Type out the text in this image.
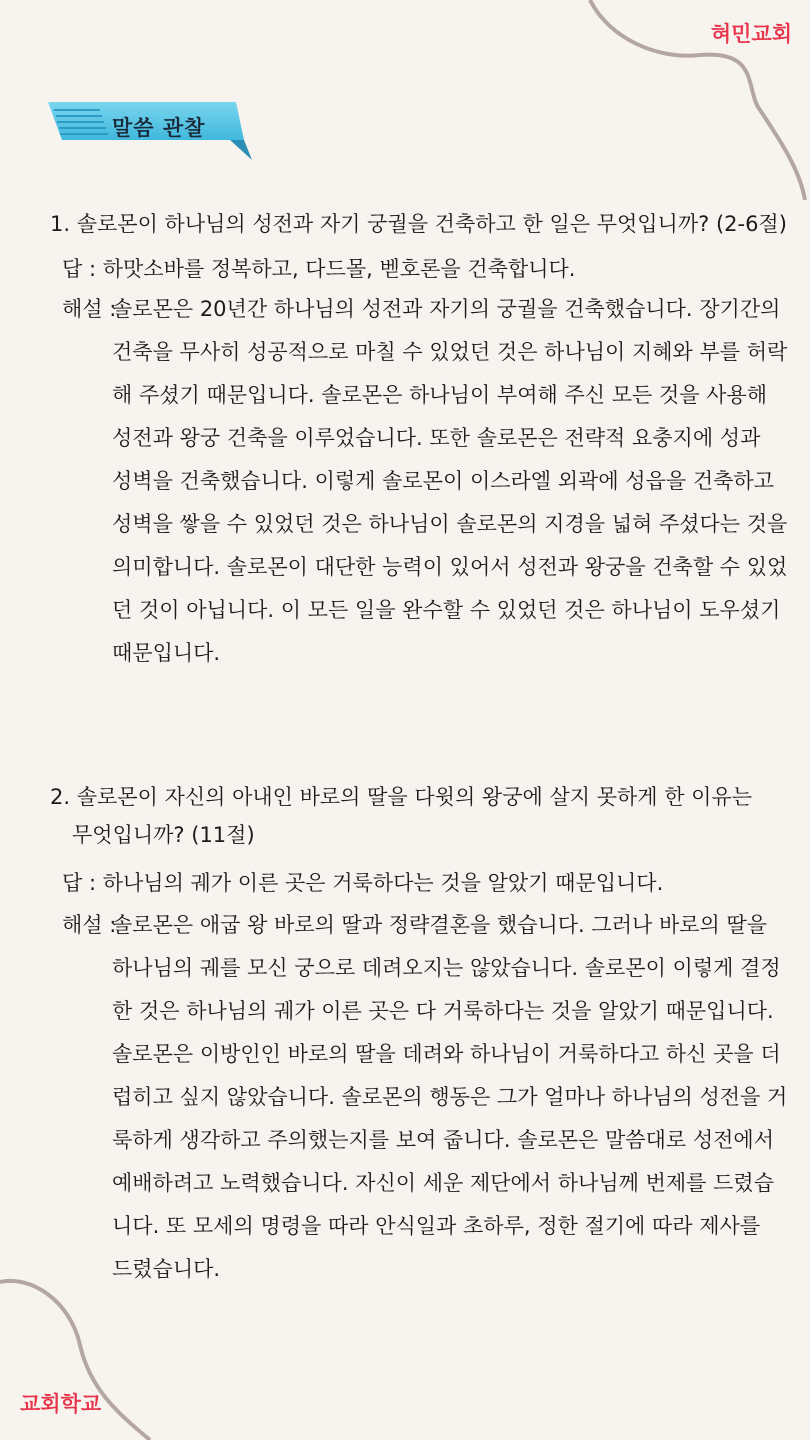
혀민교회
교회학교
말씀 관찰
1. 솔로몬이 하나님의 성전과 자기 궁궐을 건축하고 한 일은 무엇입니까? (2-6절)
답 : 하맛소바를 정복하고, 다드몰, 벧호론을 건축합니다.
해설 :
솔로몬은 20년간 하나님의 성전과 자기의 궁궐을 건축했습니다. 장기간의
건축을 무사히 성공적으로 마칠 수 있었던 것은 하나님이 지혜와 부를 허락
해 주셨기 때문입니다. 솔로몬은 하나님이 부여해 주신 모든 것을 사용해
성전과 왕궁 건축을 이루었습니다. 또한 솔로몬은 전략적 요충지에 성과
성벽을 건축했습니다. 이렇게 솔로몬이 이스라엘 외곽에 성읍을 건축하고
성벽을 쌓을 수 있었던 것은 하나님이 솔로몬의 지경을 넓혀 주셨다는 것을
의미합니다. 솔로몬이 대단한 능력이 있어서 성전과 왕궁을 건축할 수 있었
던 것이 아닙니다. 이 모든 일을 완수할 수 있었던 것은 하나님이 도우셨기
때문입니다.
2. 솔로몬이 자신의 아내인 바로의 딸을 다윗의 왕궁에 살지 못하게 한 이유는
무엇입니까? (11절)
답 : 하나님의 궤가 이른 곳은 거룩하다는 것을 알았기 때문입니다.
해설 :
솔로몬은 애굽 왕 바로의 딸과 정략결혼을 했습니다. 그러나 바로의 딸을
하나님의 궤를 모신 궁으로 데려오지는 않았습니다. 솔로몬이 이렇게 결정
한 것은 하나님의 궤가 이른 곳은 다 거룩하다는 것을 알았기 때문입니다.
솔로몬은 이방인인 바로의 딸을 데려와 하나님이 거룩하다고 하신 곳을 더
럽히고 싶지 않았습니다. 솔로몬의 행동은 그가 얼마나 하나님의 성전을 거
룩하게 생각하고 주의했는지를 보여 줍니다. 솔로몬은 말씀대로 성전에서
예배하려고 노력했습니다. 자신이 세운 제단에서 하나님께 번제를 드렸습
니다. 또 모세의 명령을 따라 안식일과 초하루, 정한 절기에 따라 제사를
드렸습니다.
